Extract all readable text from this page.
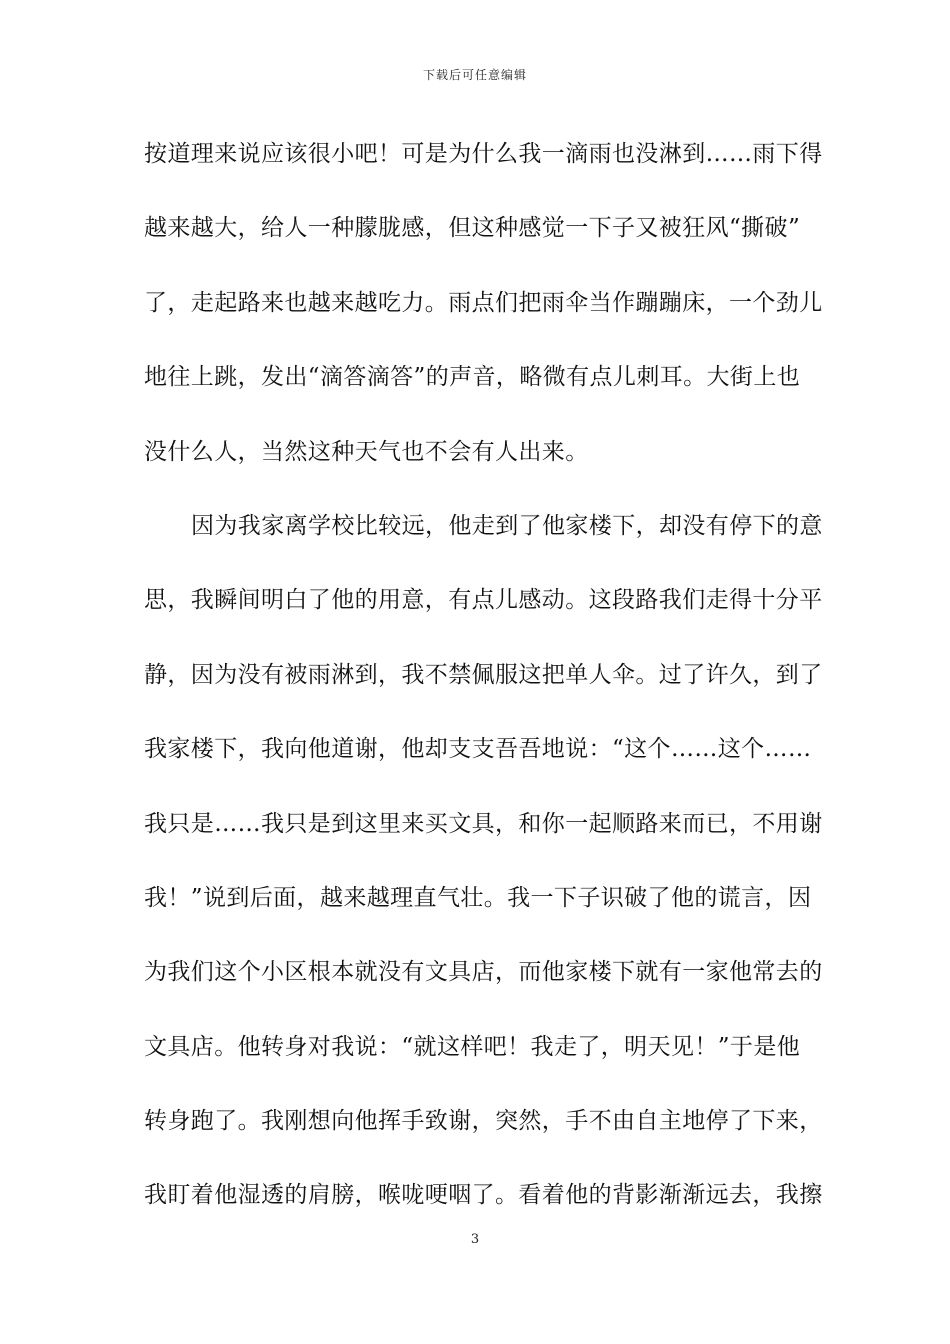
下载后可任意编辑
按道理来说应该很小吧！可是为什么我一滴雨也没淋到……雨下得
越来越大，给人一种朦胧感，但这种感觉一下子又被狂风“撕破”
了，走起路来也越来越吃力。雨点们把雨伞当作蹦蹦床，一个劲儿
地往上跳，发出“滴答滴答”的声音，略微有点儿刺耳。大街上也
没什么人，当然这种天气也不会有人出来。
因为我家离学校比较远，他走到了他家楼下，却没有停下的意
思，我瞬间明白了他的用意，有点儿感动。这段路我们走得十分平
静，因为没有被雨淋到，我不禁佩服这把单人伞。过了许久，到了
我家楼下，我向他道谢，他却支支吾吾地说：“这个……这个……
我只是……我只是到这里来买文具，和你一起顺路来而已，不用谢
我！”说到后面，越来越理直气壮。我一下子识破了他的谎言，因
为我们这个小区根本就没有文具店，而他家楼下就有一家他常去的
文具店。他转身对我说：“就这样吧！我走了，明天见！”于是他
转身跑了。我刚想向他挥手致谢，突然，手不由自主地停了下来，
我盯着他湿透的肩膀，喉咙哽咽了。看着他的背影渐渐远去，我擦
3
